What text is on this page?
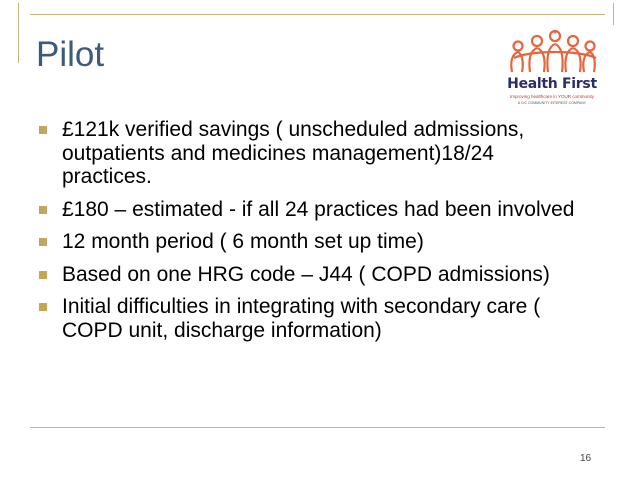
Pilot
★
Health First
Improving healthcare in YOUR community
A CIC COMMUNITY INTEREST COMPANY
£121k verified savings ( unscheduled admissions, outpatients and medicines management)18/24 practices.
£180 – estimated - if all 24 practices had been involved
12 month period ( 6 month set up time)
Based on one HRG code – J44 ( COPD admissions)
Initial difficulties in integrating with secondary care ( COPD unit, discharge information)
16
